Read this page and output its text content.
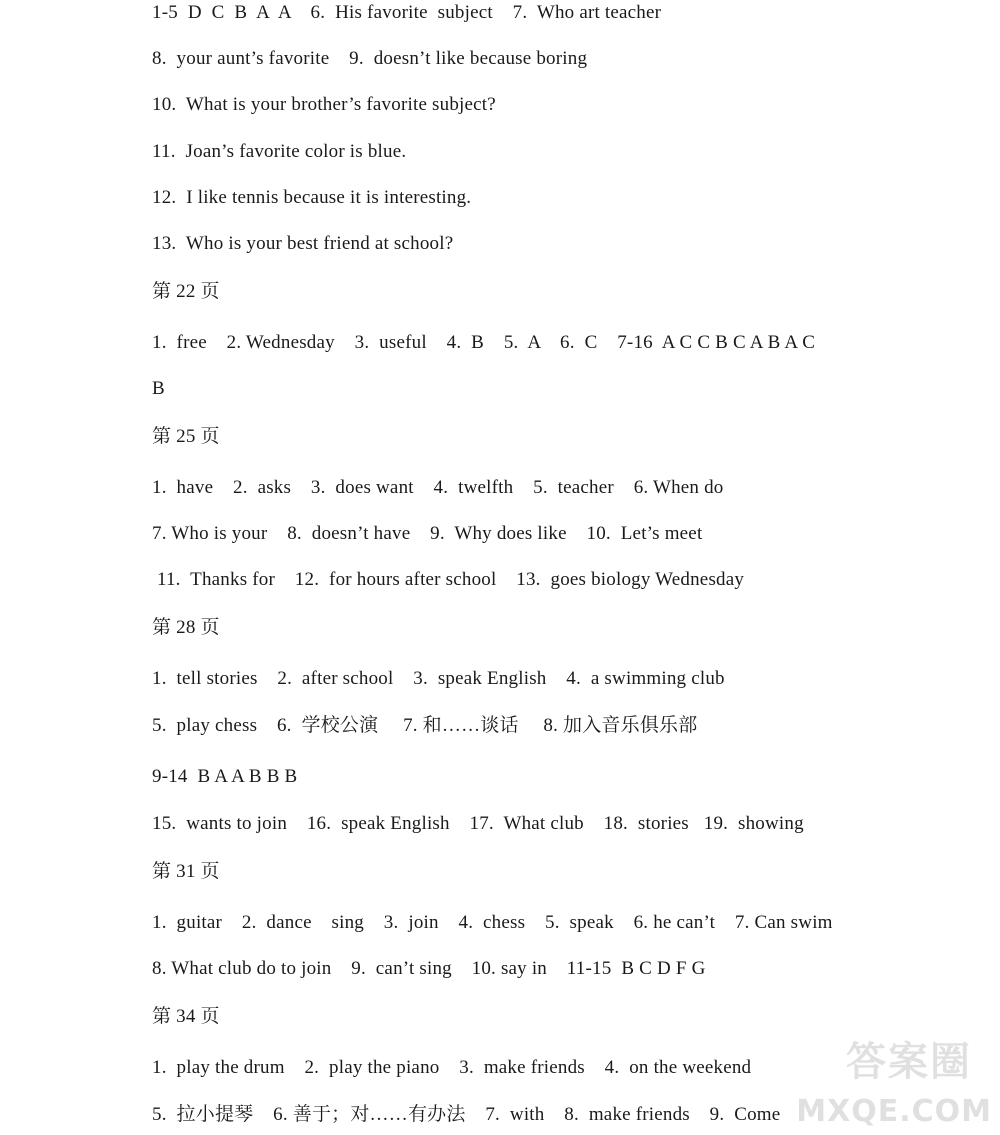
1-5  D  C  B  A  A    6.  His favorite  subject    7.  Who art teacher
8.  your aunt’s favorite    9.  doesn’t like because boring
10.  What is your brother’s favorite subject?
11.  Joan’s favorite color is blue.
12.  I like tennis because it is interesting.
13.  Who is your best friend at school?
第 22 页
1.  free    2. Wednesday    3.  useful    4.  B    5.  A    6.  C    7-16  A C C B C A B A C
B
第 25 页
1.  have    2.  asks    3.  does want    4.  twelfth    5.  teacher    6. When do
7. Who is your    8.  doesn’t have    9.  Why does like    10.  Let’s meet
11.  Thanks for    12.  for hours after school    13.  goes biology Wednesday
第 28 页
1.  tell stories    2.  after school    3.  speak English    4.  a swimming club
5.  play chess    6.  学校公演     7. 和……谈话     8. 加入音乐俱乐部
9-14  B A A B B B
15.  wants to join    16.  speak English    17.  What club    18.  stories   19.  showing
第 31 页
1.  guitar    2.  dance    sing    3.  join    4.  chess    5.  speak    6. he can’t    7. Can swim
8. What club do to join    9.  can’t sing    10. say in    11-15  B C D F G
第 34 页
1.  play the drum    2.  play the piano    3.  make friends    4.  on the weekend
5.  拉小提琴    6. 善于；对……有办法    7.  with    8.  make friends    9.  Come
答案圈
MXQE.COM
